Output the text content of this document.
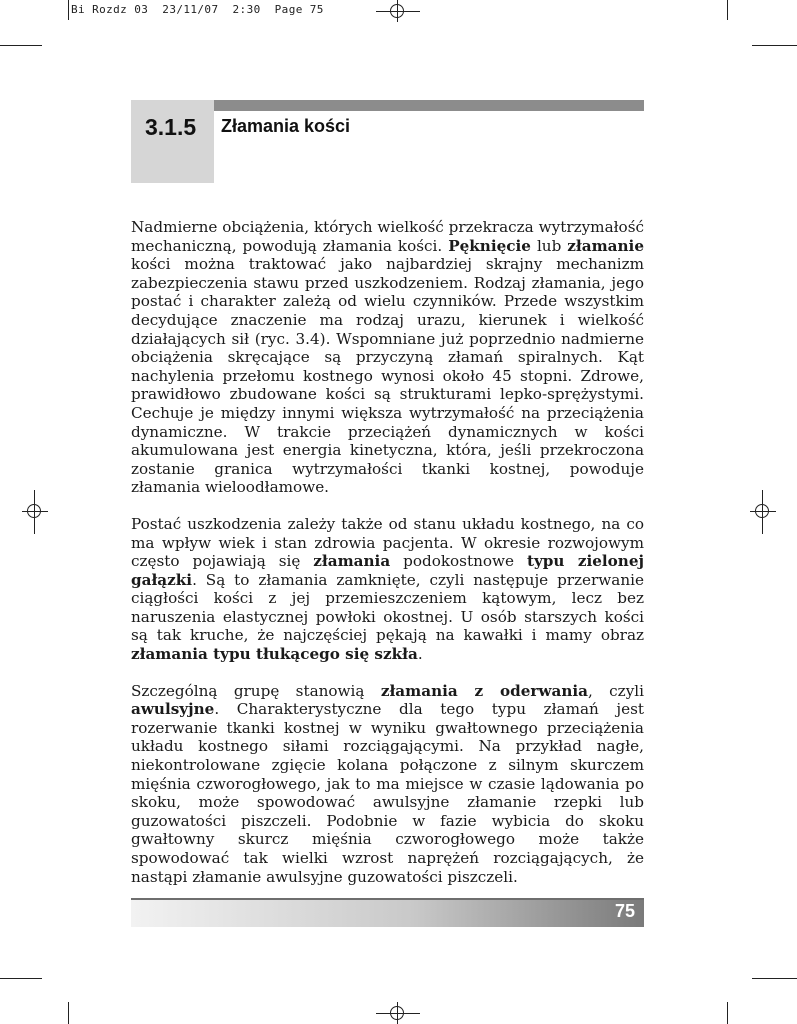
Bi Rozdz 03  23/11/07  2:30  Page 75
3.1.5 Złamania kości

Nadmierne obciążenia, których wielkość przekracza wytrzymałość mechaniczną, powodują złamania kości. Pęknięcie lub złamanie kości można traktować jako najbardziej skrajny mechanizm zabezpieczenia stawu przed uszkodzeniem. Rodzaj złamania, jego postać i charakter zależą od wielu czynników. Przede wszystkim decydujące znaczenie ma rodzaj urazu, kierunek i wielkość działających sił (ryc. 3.4). Wspomniane już poprzednio nadmierne obciążenia skręcające są przyczyną złamań spiralnych. Kąt nachylenia przełomu kostnego wynosi około 45 stopni. Zdrowe, prawidłowo zbudowane kości są strukturami lepko-sprężystymi. Cechuje je między innymi większa wytrzymałość na przeciążenia dynamiczne. W trakcie przeciążeń dynamicznych w kości akumulowana jest energia kinetyczna, która, jeśli przekroczona zostanie granica wytrzymałości tkanki kostnej, powoduje złamania wieloodłamowe.

Postać uszkodzenia zależy także od stanu układu kostnego, na co ma wpływ wiek i stan zdrowia pacjenta. W okresie rozwojowym często pojawiają się złamania podokostnowe typu zielonej gałązki. Są to złamania zamknięte, czyli następuje przerwanie ciągłości kości z jej przemieszczeniem kątowym, lecz bez naruszenia elastycznej powłoki okostnej. U osób starszych kości są tak kruche, że najczęściej pękają na kawałki i mamy obraz złamania typu tłukącego się szkła.

Szczególną grupę stanowią złamania z oderwania, czyli awulsyjne. Charakterystyczne dla tego typu złamań jest rozerwanie tkanki kostnej w wyniku gwałtownego przeciążenia układu kostnego siłami rozciągającymi. Na przykład nagłe, niekontrolowane zgięcie kolana połączone z silnym skurczem mięśnia czworogłowego, jak to ma miejsce w czasie lądowania po skoku, może spowodować awulsyjne złamanie rzepki lub guzowatości piszczeli. Podobnie w fazie wybicia do skoku gwałtowny skurcz mięśnia czworogłowego może także spowodować tak wielki wzrost naprężeń rozciągających, że nastąpi złamanie awulsyjne guzowatości piszczeli.

75
